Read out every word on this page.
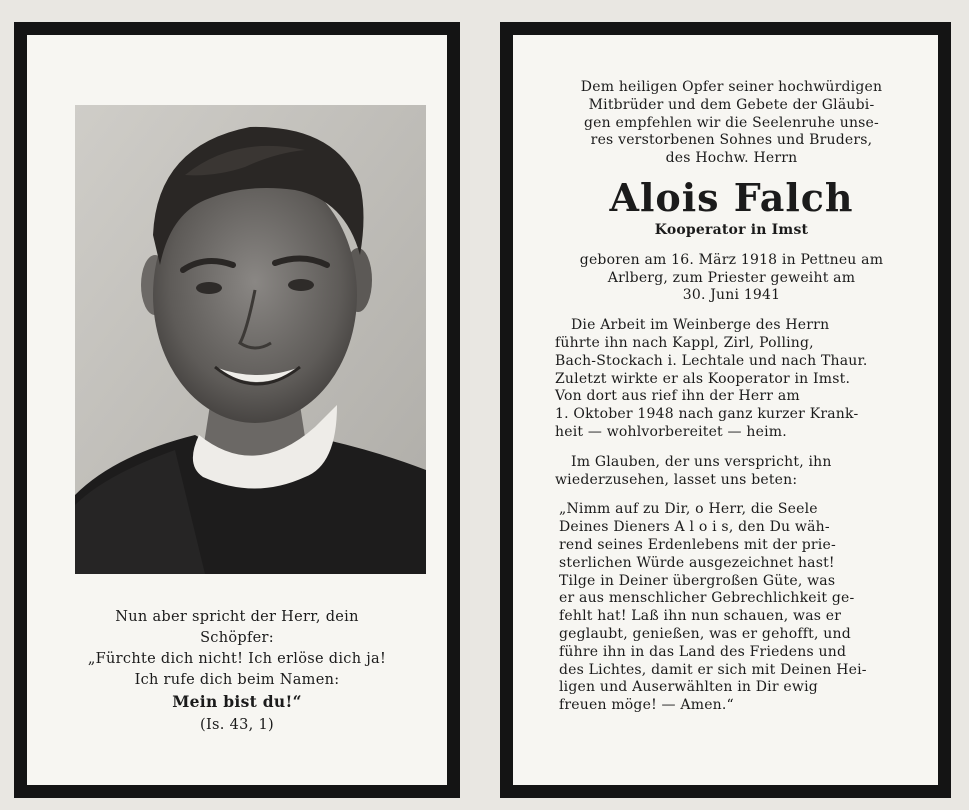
Nun aber spricht der Herr, dein
Schöpfer:
„Fürchte dich nicht! Ich erlöse dich ja!
Ich rufe dich beim Namen:
Mein bist du!“
(Is. 43, 1)
Dem heiligen Opfer seiner hochwürdigen
Mitbrüder und dem Gebete der Gläubi-
gen empfehlen wir die Seelenruhe unse-
res verstorbenen Sohnes und Bruders,
des Hochw. Herrn
Alois Falch
Kooperator in Imst
geboren am 16. März 1918 in Pettneu am
Arlberg, zum Priester geweiht am
30. Juni 1941
Die Arbeit im Weinberge des Herrn
führte ihn nach Kappl, Zirl, Polling,
Bach-Stockach i. Lechtale und nach Thaur.
Zuletzt wirkte er als Kooperator in Imst.
Von dort aus rief ihn der Herr am
1. Oktober 1948 nach ganz kurzer Krank-
heit — wohlvorbereitet — heim.
Im Glauben, der uns verspricht, ihn
wiederzusehen, lasset uns beten:
„Nimm auf zu Dir, o Herr, die Seele
Deines Dieners A l o i s, den Du wäh-
rend seines Erdenlebens mit der prie-
sterlichen Würde ausgezeichnet hast!
Tilge in Deiner übergroßen Güte, was
er aus menschlicher Gebrechlichkeit ge-
fehlt hat! Laß ihn nun schauen, was er
geglaubt, genießen, was er gehofft, und
führe ihn in das Land des Friedens und
des Lichtes, damit er sich mit Deinen Hei-
ligen und Auserwählten in Dir ewig
freuen möge! — Amen.“
